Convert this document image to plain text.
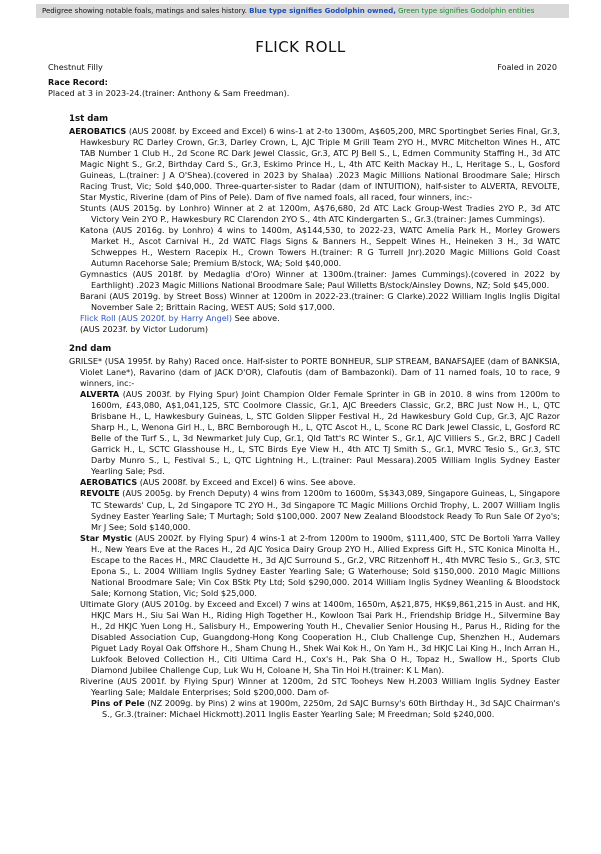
Pedigree showing notable foals, matings and sales history. Blue type signifies Godolphin owned, Green type signifies Godolphin entities
FLICK ROLL
Chestnut Filly	Foaled in 2020
Race Record:
Placed at 3 in 2023-24.(trainer: Anthony & Sam Freedman).
1st dam
AEROBATICS (AUS 2008f. by Exceed and Excel) 6 wins-1 at 2-to 1300m, A$605,200, MRC Sportingbet Series Final, Gr.3, Hawkesbury RC Darley Crown, Gr.3, Darley Crown, L, AJC Triple M Grill Team 2YO H., MVRC Mitchelton Wines H., ATC TAB Number 1 Club H., 2d Scone RC Dark Jewel Classic, Gr.3, ATC PJ Bell S., L, Edmen Community Staffing H., 3d ATC Magic Night S., Gr.2, Birthday Card S., Gr.3, Eskimo Prince H., L, 4th ATC Keith Mackay H., L, Heritage S., L, Gosford Guineas, L.(trainer: J A O'Shea).(covered in 2023 by Shalaa) .2023 Magic Millions National Broodmare Sale; Hirsch Racing Trust, Vic; Sold $40,000. Three-quarter-sister to Radar (dam of INTUITION), half-sister to ALVERTA, REVOLTE, Star Mystic, Riverine (dam of Pins of Pele). Dam of five named foals, all raced, four winners, inc:-
Stunts (AUS 2015g. by Lonhro) Winner at 2 at 1200m, A$76,680, 2d ATC Lack Group-West Tradies 2YO P., 3d ATC Victory Vein 2YO P., Hawkesbury RC Clarendon 2YO S., 4th ATC Kindergarten S., Gr.3.(trainer: James Cummings).
Katona (AUS 2016g. by Lonhro) 4 wins to 1400m, A$144,530, to 2022-23, WATC Amelia Park H., Morley Growers Market H., Ascot Carnival H., 2d WATC Flags Signs & Banners H., Seppelt Wines H., Heineken 3 H., 3d WATC Schweppes H., Western Racepix H., Crown Towers H.(trainer: R G Turrell Jnr).2020 Magic Millions Gold Coast Autumn Racehorse Sale; Premium B/stock, WA; Sold $40,000.
Gymnastics (AUS 2018f. by Medaglia d'Oro) Winner at 1300m.(trainer: James Cummings).(covered in 2022 by Earthlight) .2023 Magic Millions National Broodmare Sale; Paul Willetts B/stock/Ainsley Downs, NZ; Sold $45,000.
Barani (AUS 2019g. by Street Boss) Winner at 1200m in 2022-23.(trainer: G Clarke).2022 William Inglis Inglis Digital November Sale 2; Brittain Racing, WEST AUS; Sold $17,000.
Flick Roll (AUS 2020f. by Harry Angel) See above.
(AUS 2023f. by Victor Ludorum)
2nd dam
GRILSE* (USA 1995f. by Rahy) Raced once. Half-sister to PORTE BONHEUR, SLIP STREAM, BANAFSAJEE (dam of BANKSIA, Violet Lane*), Ravarino (dam of JACK D'OR), Clafoutis (dam of Bambazonki). Dam of 11 named foals, 10 to race, 9 winners, inc:-
ALVERTA (AUS 2003f. by Flying Spur) Joint Champion Older Female Sprinter in GB in 2010. 8 wins from 1200m to 1600m, £43,080, A$1,041,125, STC Coolmore Classic, Gr.1, AJC Breeders Classic, Gr.2, BRC Just Now H., L, QTC Brisbane H., L, Hawkesbury Guineas, L, STC Golden Slipper Festival H., 2d Hawkesbury Gold Cup, Gr.3, AJC Razor Sharp H., L, Wenona Girl H., L, BRC Bernborough H., L, QTC Ascot H., L, Scone RC Dark Jewel Classic, L, Gosford RC Belle of the Turf S., L, 3d Newmarket July Cup, Gr.1, Qld Tatt's RC Winter S., Gr.1, AJC Villiers S., Gr.2, BRC J Cadell Garrick H., L, SCTC Glasshouse H., L, STC Birds Eye View H., 4th ATC TJ Smith S., Gr.1, MVRC Tesio S., Gr.3, STC Darby Munro S., L, Festival S., L, QTC Lightning H., L.(trainer: Paul Messara).2005 William Inglis Sydney Easter Yearling Sale; Psd.
AEROBATICS (AUS 2008f. by Exceed and Excel) 6 wins. See above.
REVOLTE (AUS 2005g. by French Deputy) 4 wins from 1200m to 1600m, S$343,089, Singapore Guineas, L, Singapore TC Stewards' Cup, L, 2d Singapore TC 2YO H., 3d Singapore TC Magic Millions Orchid Trophy, L. 2007 William Inglis Sydney Easter Yearling Sale; T Murtagh; Sold $100,000. 2007 New Zealand Bloodstock Ready To Run Sale Of 2yo's; Mr J See; Sold $140,000.
Star Mystic (AUS 2002f. by Flying Spur) 4 wins-1 at 2-from 1200m to 1900m, $111,400, STC De Bortoli Yarra Valley H., New Years Eve at the Races H., 2d AJC Yosica Dairy Group 2YO H., Allied Express Gift H., STC Konica Minolta H., Escape to the Races H., MRC Claudette H., 3d AJC Surround S., Gr.2, VRC Ritzenhoff H., 4th MVRC Tesio S., Gr.3, STC Epona S., L. 2004 William Inglis Sydney Easter Yearling Sale; G Waterhouse; Sold $150,000. 2010 Magic Millions National Broodmare Sale; Vin Cox BStk Pty Ltd; Sold $290,000. 2014 William Inglis Sydney Weanling & Bloodstock Sale; Kornong Station, Vic; Sold $25,000.
Ultimate Glory (AUS 2010g. by Exceed and Excel) 7 wins at 1400m, 1650m, A$21,875, HK$9,861,215 in Aust. and HK, HKJC Mars H., Siu Sai Wan H., Riding High Together H., Kowloon Tsai Park H., Friendship Bridge H., Silvermine Bay H., 2d HKJC Yuen Long H., Salisbury H., Empowering Youth H., Chevalier Senior Housing H., Parus H., Riding for the Disabled Association Cup, Guangdong-Hong Kong Cooperation H., Club Challenge Cup, Shenzhen H., Audemars Piguet Lady Royal Oak Offshore H., Sham Chung H., Shek Wai Kok H., On Yam H., 3d HKJC Lai King H., Inch Arran H., Lukfook Beloved Collection H., Citi Ultima Card H., Cox's H., Pak Sha O H., Topaz H., Swallow H., Sports Club Diamond Jubilee Challenge Cup, Luk Wu H, Coloane H, Sha Tin Hoi H.(trainer: K L Man).
Riverine (AUS 2001f. by Flying Spur) Winner at 1200m, 2d STC Tooheys New H.2003 William Inglis Sydney Easter Yearling Sale; Maldale Enterprises; Sold $200,000. Dam of-
Pins of Pele (NZ 2009g. by Pins) 2 wins at 1900m, 2250m, 2d SAJC Burnsy's 60th Birthday H., 3d SAJC Chairman's S., Gr.3.(trainer: Michael Hickmott).2011 Inglis Easter Yearling Sale; M Freedman; Sold $240,000.
